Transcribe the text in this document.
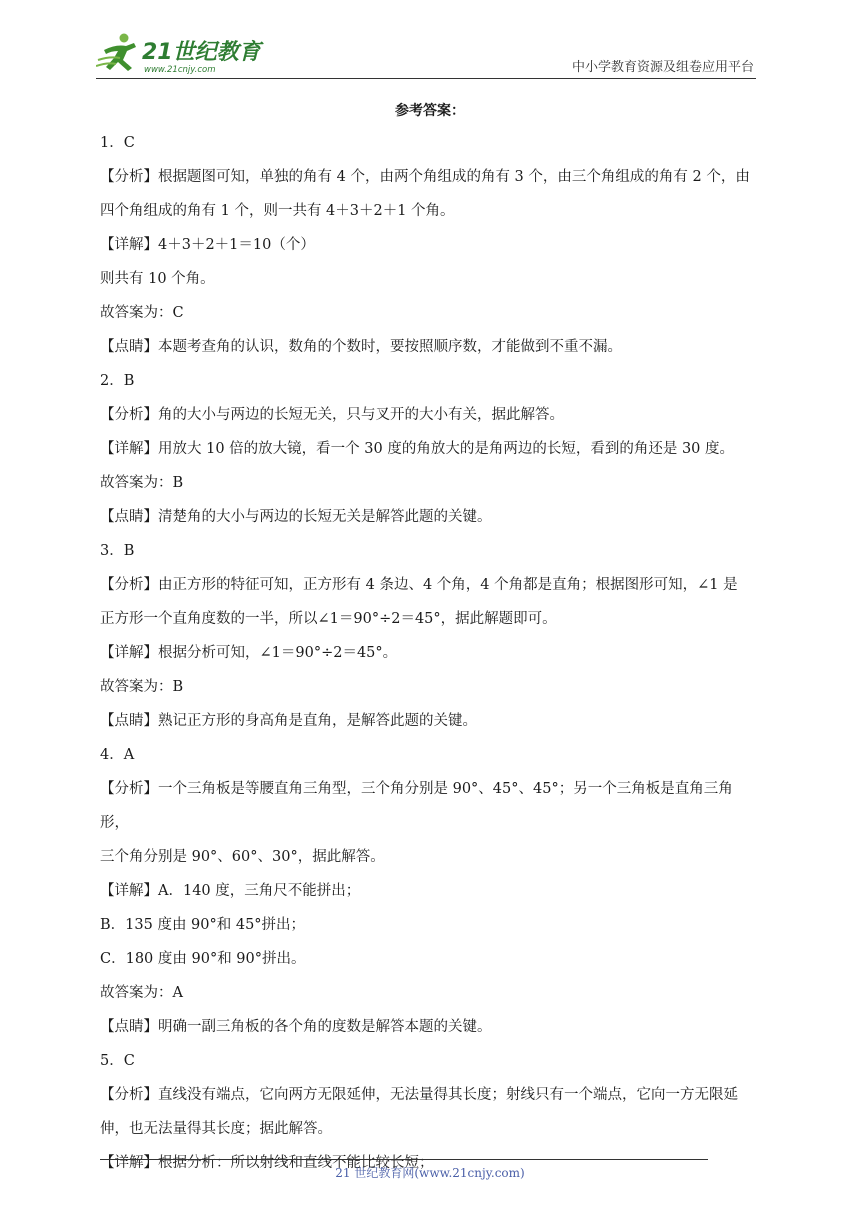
21世纪教育
www.21cnjy.com	中小学教育资源及组卷应用平台
参考答案：

1．C

【分析】根据题图可知，单独的角有 4 个，由两个角组成的角有 3 个，由三个角组成的角有 2 个，由

四个角组成的角有 1 个，则一共有 4＋3＋2＋1 个角。

【详解】4＋3＋2＋1＝10（个）

则共有 10 个角。

故答案为：C

【点睛】本题考查角的认识，数角的个数时，要按照顺序数，才能做到不重不漏。

2．B

【分析】角的大小与两边的长短无关，只与叉开的大小有关，据此解答。

【详解】用放大 10 倍的放大镜，看一个 30 度的角放大的是角两边的长短，看到的角还是 30 度。

故答案为：B

【点睛】清楚角的大小与两边的长短无关是解答此题的关键。

3．B

【分析】由正方形的特征可知，正方形有 4 条边、4 个角，4 个角都是直角；根据图形可知，∠1 是

正方形一个直角度数的一半，所以∠1＝90°÷2＝45°，据此解题即可。

【详解】根据分析可知，∠1＝90°÷2＝45°。

故答案为：B

【点睛】熟记正方形的身高角是直角，是解答此题的关键。

4．A

【分析】一个三角板是等腰直角三角型，三个角分别是 90°、45°、45°；另一个三角板是直角三角形，

三个角分别是 90°、60°、30°，据此解答。

【详解】A．140 度，三角尺不能拼出；

B．135 度由 90°和 45°拼出；

C．180 度由 90°和 90°拼出。

故答案为：A

【点睛】明确一副三角板的各个角的度数是解答本题的关键。

5．C

【分析】直线没有端点，它向两方无限延伸，无法量得其长度；射线只有一个端点，它向一方无限延

伸，也无法量得其长度；据此解答。

【详解】根据分析：所以射线和直线不能比较长短；

21 世纪教育网(www.21cnjy.com)
